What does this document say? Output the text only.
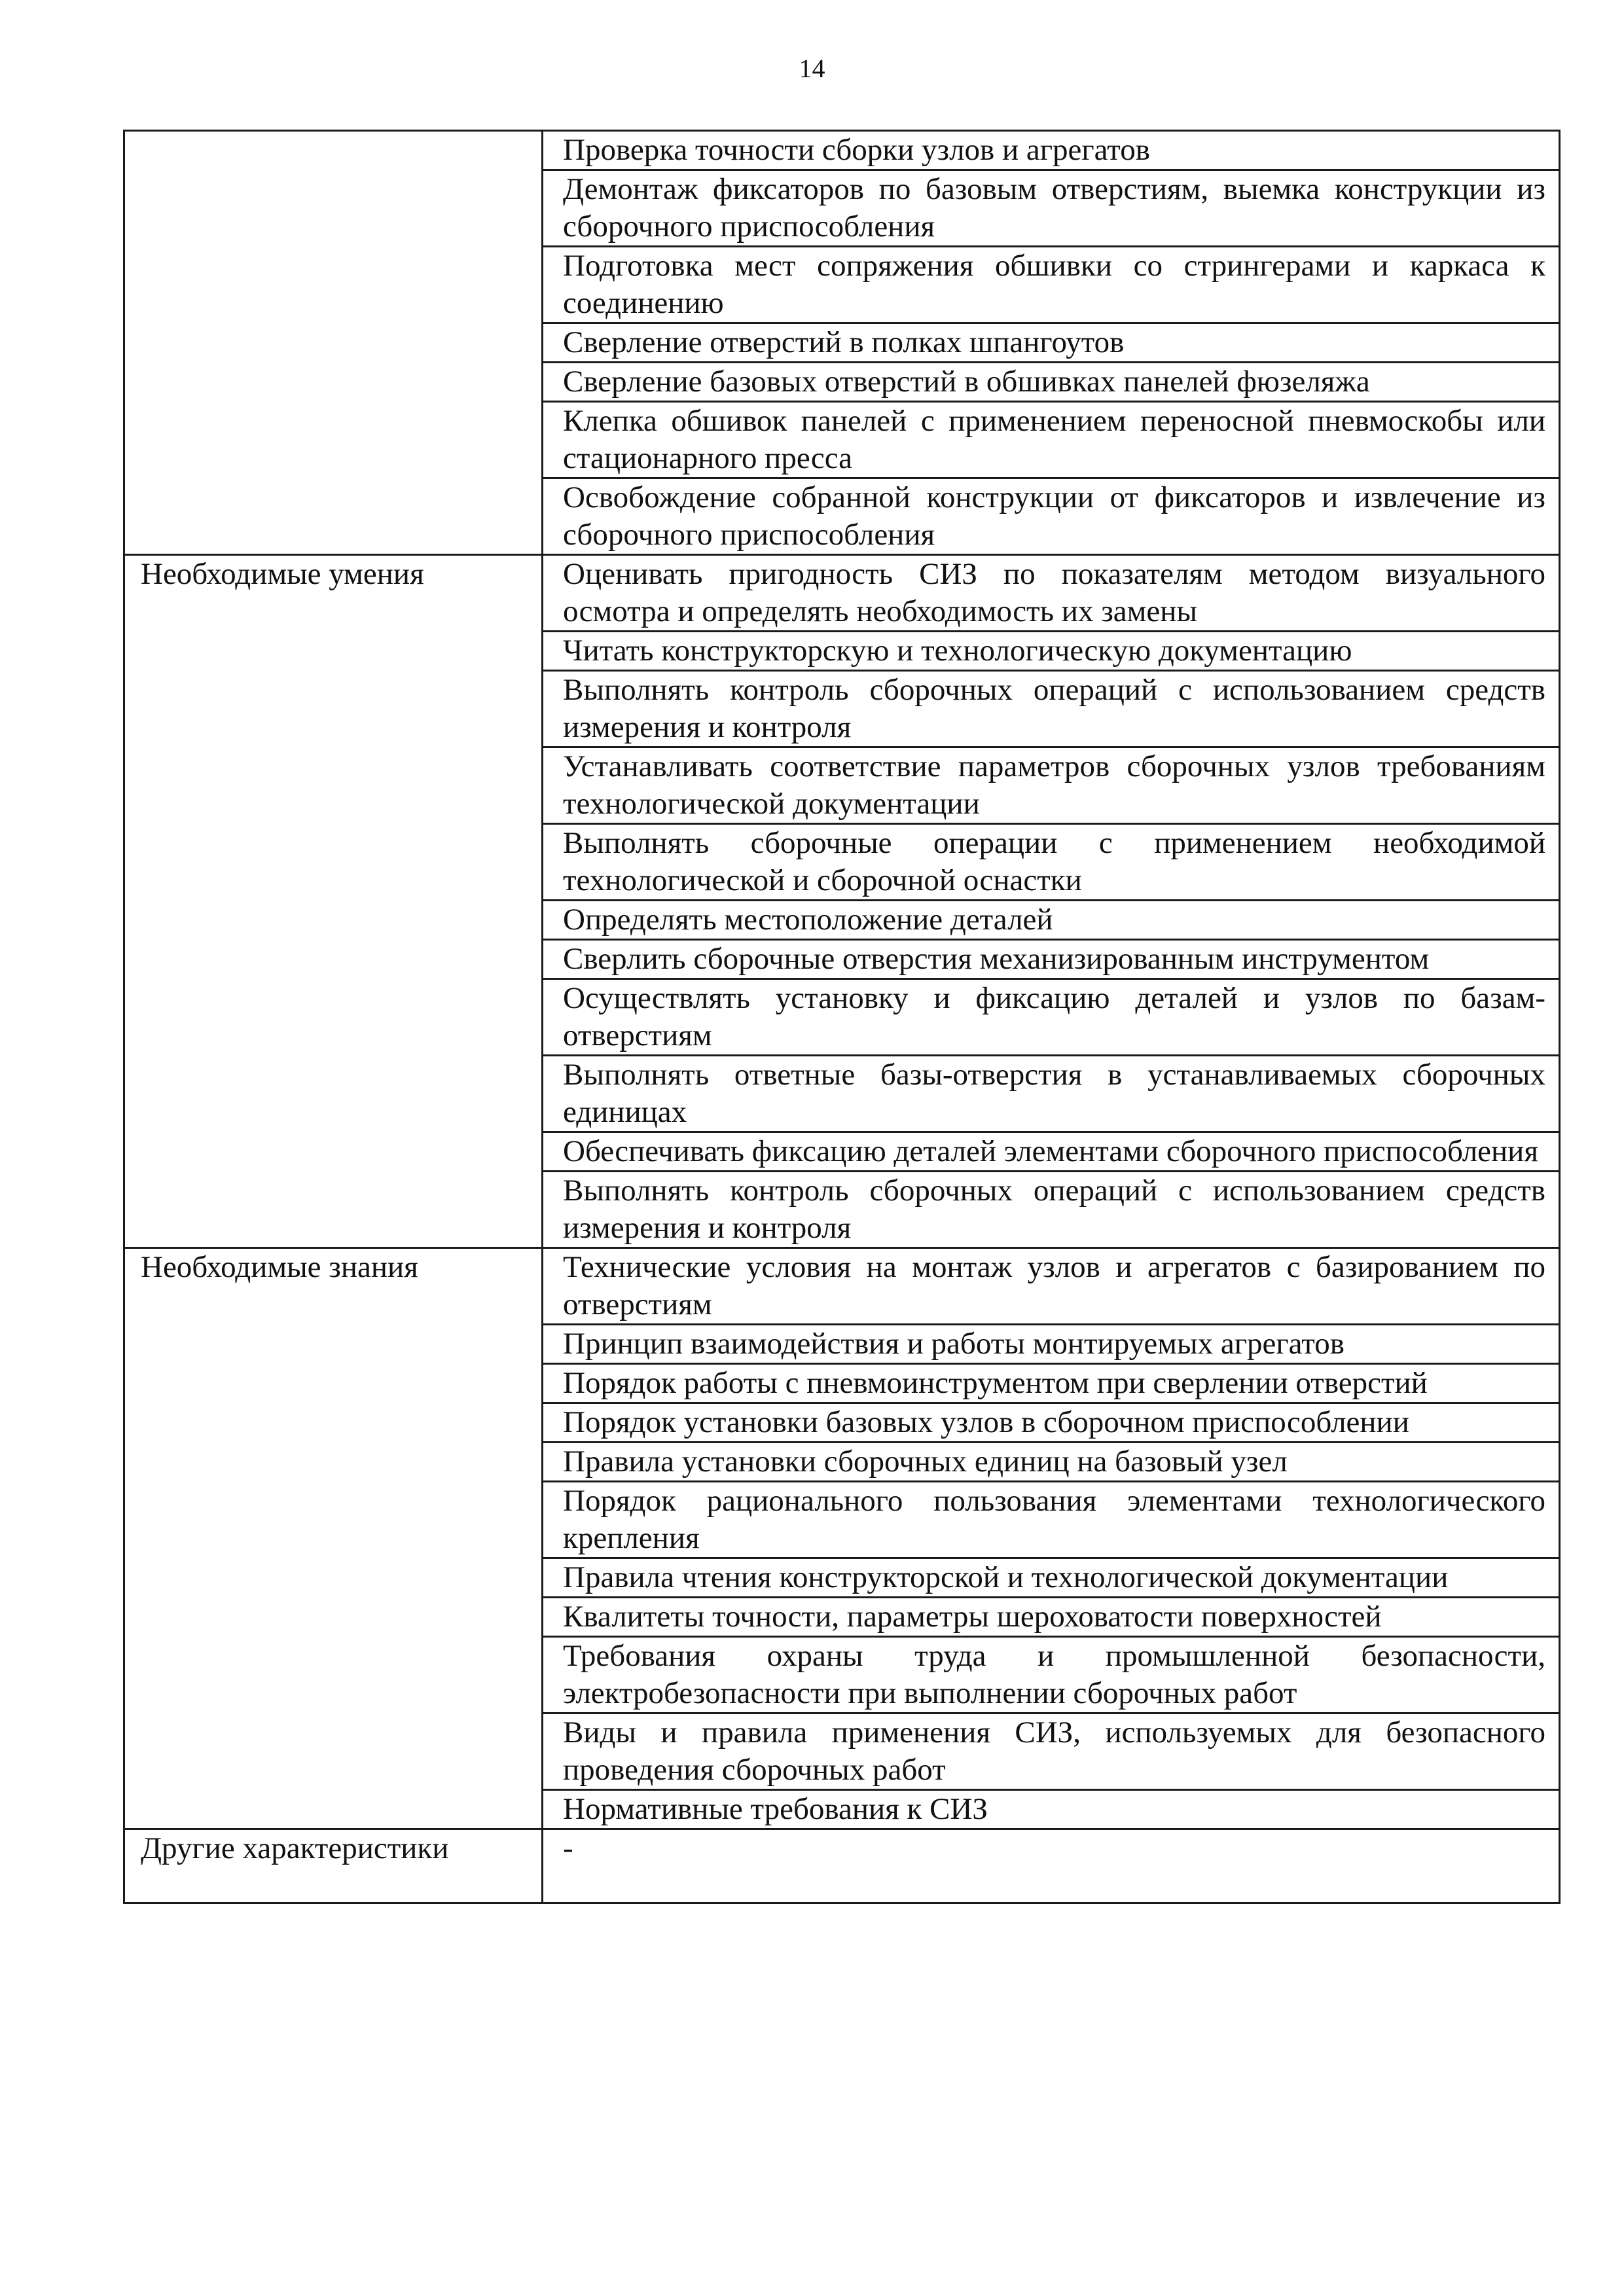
14
	Проверка точности сборки узлов и агрегатов
	Демонтаж фиксаторов по базовым отверстиям, выемка конструкции из сборочного приспособления
	Подготовка мест сопряжения обшивки со стрингерами и каркаса к соединению
	Сверление отверстий в полках шпангоутов
	Сверление базовых отверстий в обшивках панелей фюзеляжа
	Клепка обшивок панелей с применением переносной пневмоскобы или стационарного пресса
	Освобождение собранной конструкции от фиксаторов и извлечение из сборочного приспособления
Необходимые умения	Оценивать пригодность СИЗ по показателям методом визуального осмотра и определять необходимость их замены
	Читать конструкторскую и технологическую документацию
	Выполнять контроль сборочных операций с использованием средств измерения и контроля
	Устанавливать соответствие параметров сборочных узлов требованиям технологической документации
	Выполнять сборочные операции с применением необходимой технологической и сборочной оснастки
	Определять местоположение деталей
	Сверлить сборочные отверстия механизированным инструментом
	Осуществлять установку и фиксацию деталей и узлов по базам-отверстиям
	Выполнять ответные базы-отверстия в устанавливаемых сборочных единицах
	Обеспечивать фиксацию деталей элементами сборочного приспособления
	Выполнять контроль сборочных операций с использованием средств измерения и контроля
Необходимые знания	Технические условия на монтаж узлов и агрегатов с базированием по отверстиям
	Принцип взаимодействия и работы монтируемых агрегатов
	Порядок работы с пневмоинструментом при сверлении отверстий
	Порядок установки базовых узлов в сборочном приспособлении
	Правила установки сборочных единиц на базовый узел
	Порядок рационального пользования элементами технологического крепления
	Правила чтения конструкторской и технологической документации
	Квалитеты точности, параметры шероховатости поверхностей
	Требования охраны труда и промышленной безопасности, электробезопасности при выполнении сборочных работ
	Виды и правила применения СИЗ, используемых для безопасного проведения сборочных работ
	Нормативные требования к СИЗ
Другие характеристики	-
